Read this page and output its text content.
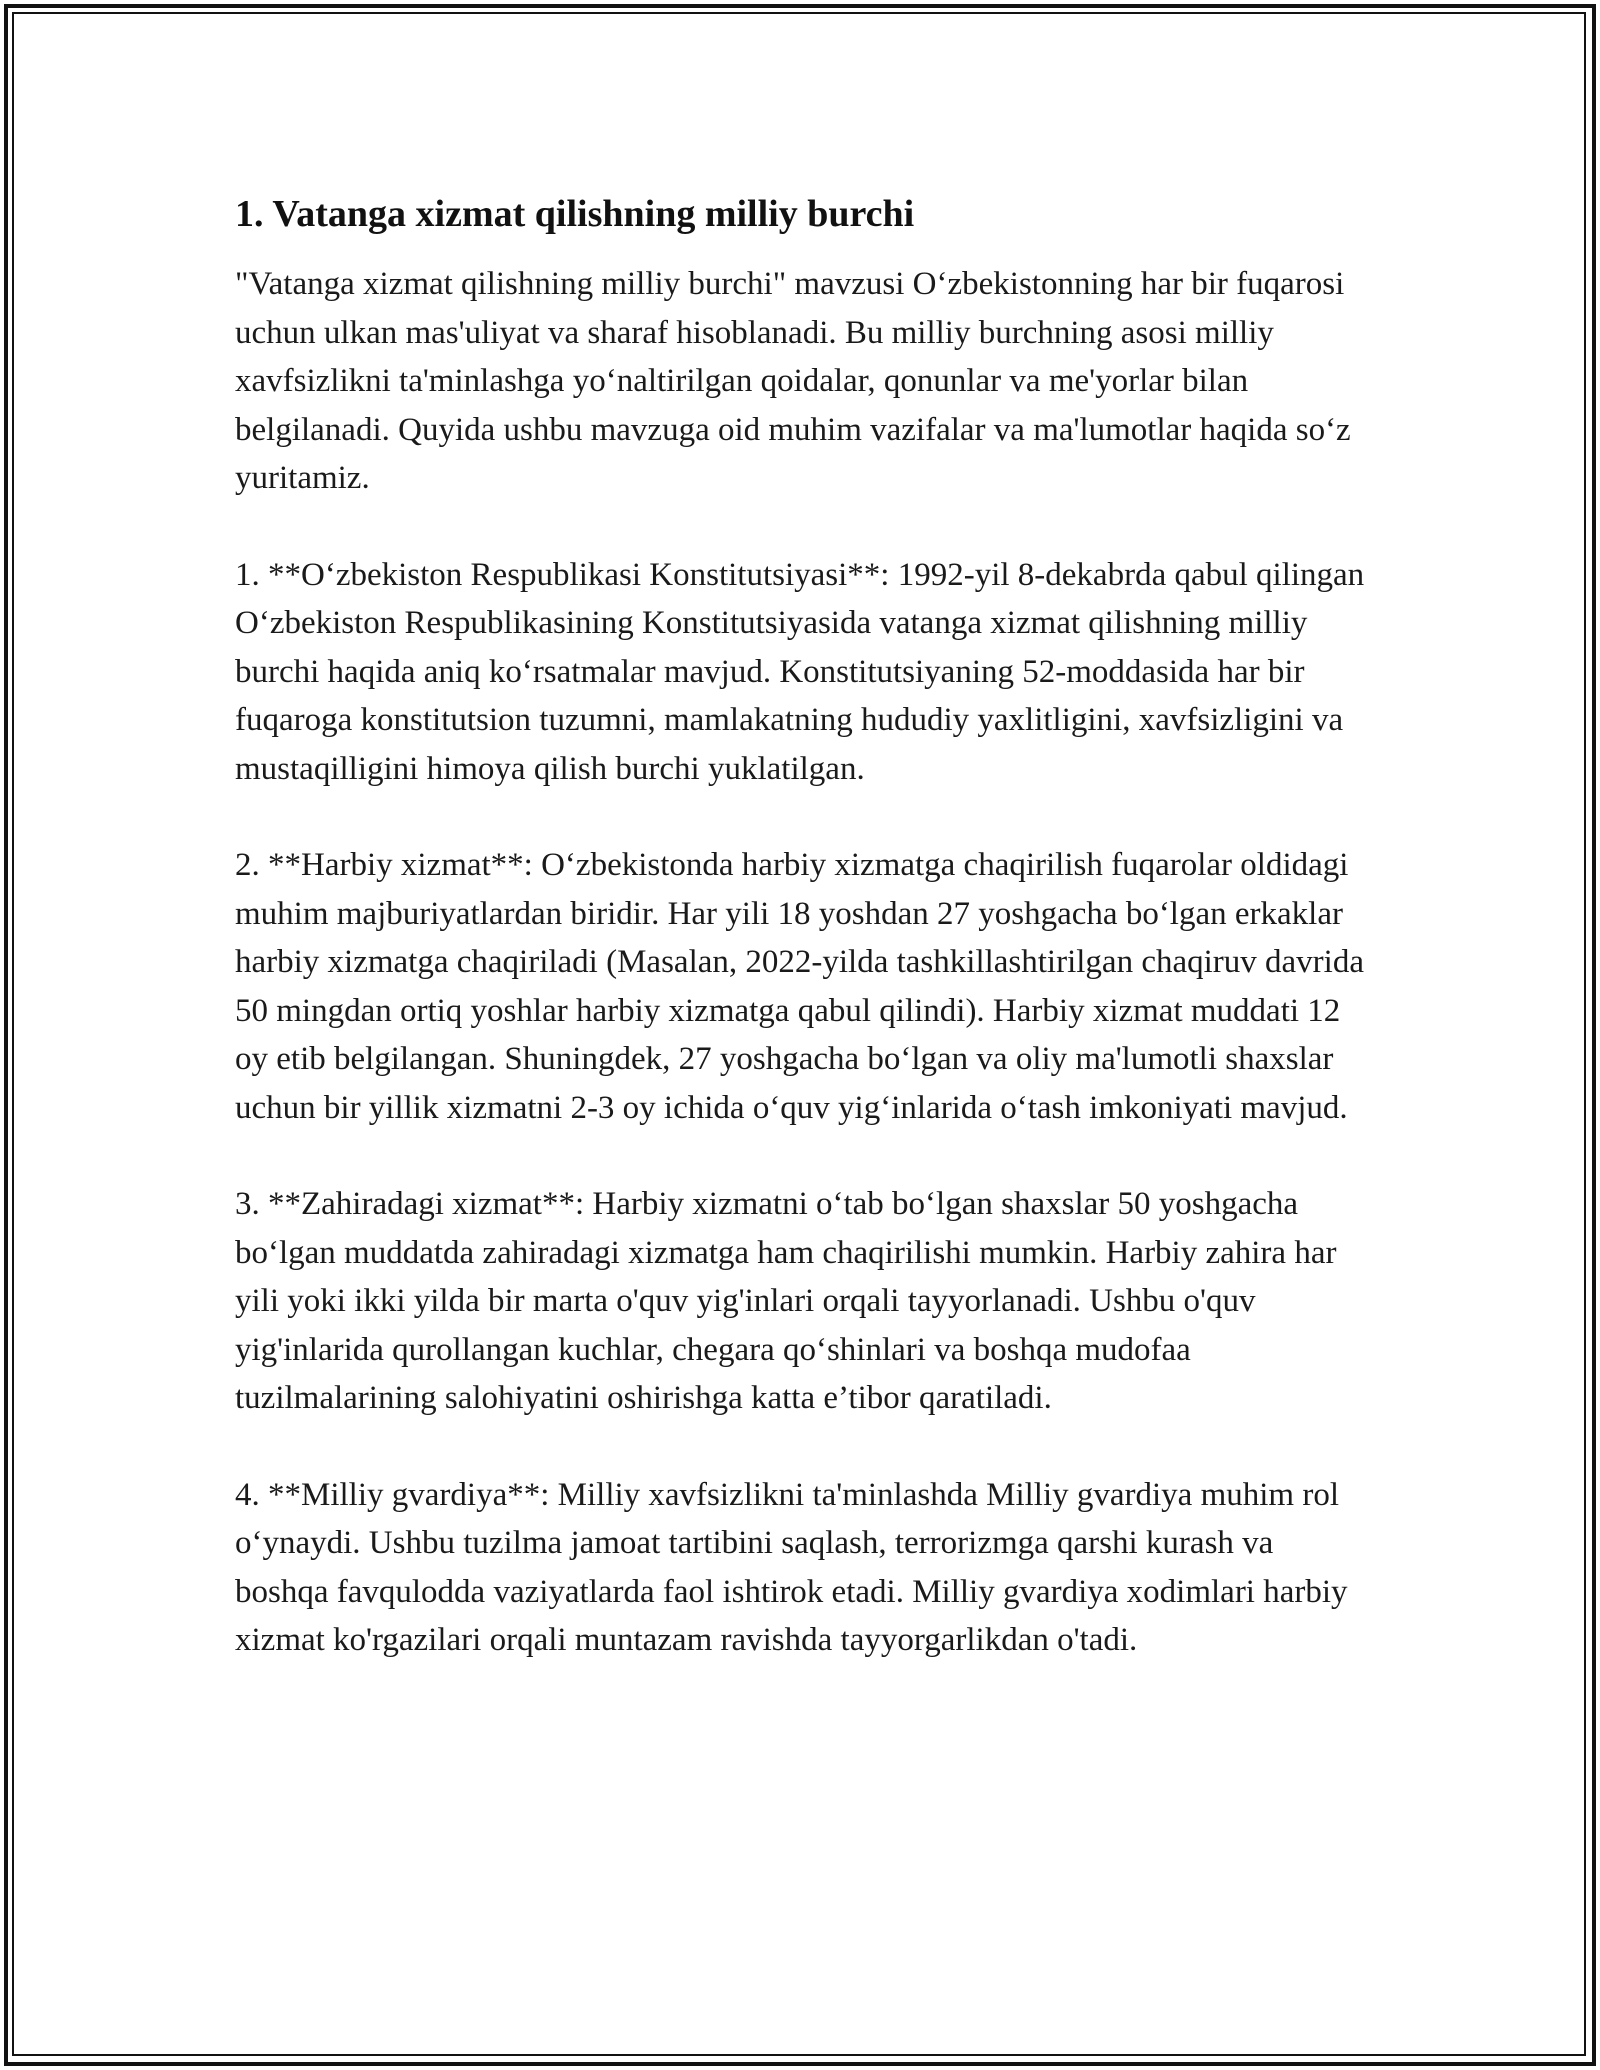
1. Vatanga xizmat qilishning milliy burchi

"Vatanga xizmat qilishning milliy burchi" mavzusi O‘zbekistonning har bir fuqarosi uchun ulkan mas'uliyat va sharaf hisoblanadi. Bu milliy burchning asosi milliy xavfsizlikni ta'minlashga yo‘naltirilgan qoidalar, qonunlar va me'yorlar bilan belgilanadi. Quyida ushbu mavzuga oid muhim vazifalar va ma'lumotlar haqida so‘z yuritamiz.

1. **O‘zbekiston Respublikasi Konstitutsiyasi**: 1992-yil 8-dekabrda qabul qilingan O‘zbekiston Respublikasining Konstitutsiyasida vatanga xizmat qilishning milliy burchi haqida aniq ko‘rsatmalar mavjud. Konstitutsiyaning 52-moddasida har bir fuqaroga konstitutsion tuzumni, mamlakatning hududiy yaxlitligini, xavfsizligini va mustaqilligini himoya qilish burchi yuklatilgan.

2. **Harbiy xizmat**: O‘zbekistonda harbiy xizmatga chaqirilish fuqarolar oldidagi muhim majburiyatlardan biridir. Har yili 18 yoshdan 27 yoshgacha bo‘lgan erkaklar harbiy xizmatga chaqiriladi (Masalan, 2022-yilda tashkillashtirilgan chaqiruv davrida 50 mingdan ortiq yoshlar harbiy xizmatga qabul qilindi). Harbiy xizmat muddati 12 oy etib belgilangan. Shuningdek, 27 yoshgacha bo‘lgan va oliy ma'lumotli shaxslar uchun bir yillik xizmatni 2-3 oy ichida o‘quv yig‘inlarida o‘tash imkoniyati mavjud.

3. **Zahiradagi xizmat**: Harbiy xizmatni o‘tab bo‘lgan shaxslar 50 yoshgacha bo‘lgan muddatda zahiradagi xizmatga ham chaqirilishi mumkin. Harbiy zahira har yili yoki ikki yilda bir marta o'quv yig'inlari orqali tayyorlanadi. Ushbu o'quv yig'inlarida qurollangan kuchlar, chegara qo‘shinlari va boshqa mudofaa tuzilmalarining salohiyatini oshirishga katta e’tibor qaratiladi.

4. **Milliy gvardiya**: Milliy xavfsizlikni ta'minlashda Milliy gvardiya muhim rol o‘ynaydi. Ushbu tuzilma jamoat tartibini saqlash, terrorizmga qarshi kurash va boshqa favqulodda vaziyatlarda faol ishtirok etadi. Milliy gvardiya xodimlari harbiy xizmat ko'rgazilari orqali muntazam ravishda tayyorgarlikdan o'tadi.
